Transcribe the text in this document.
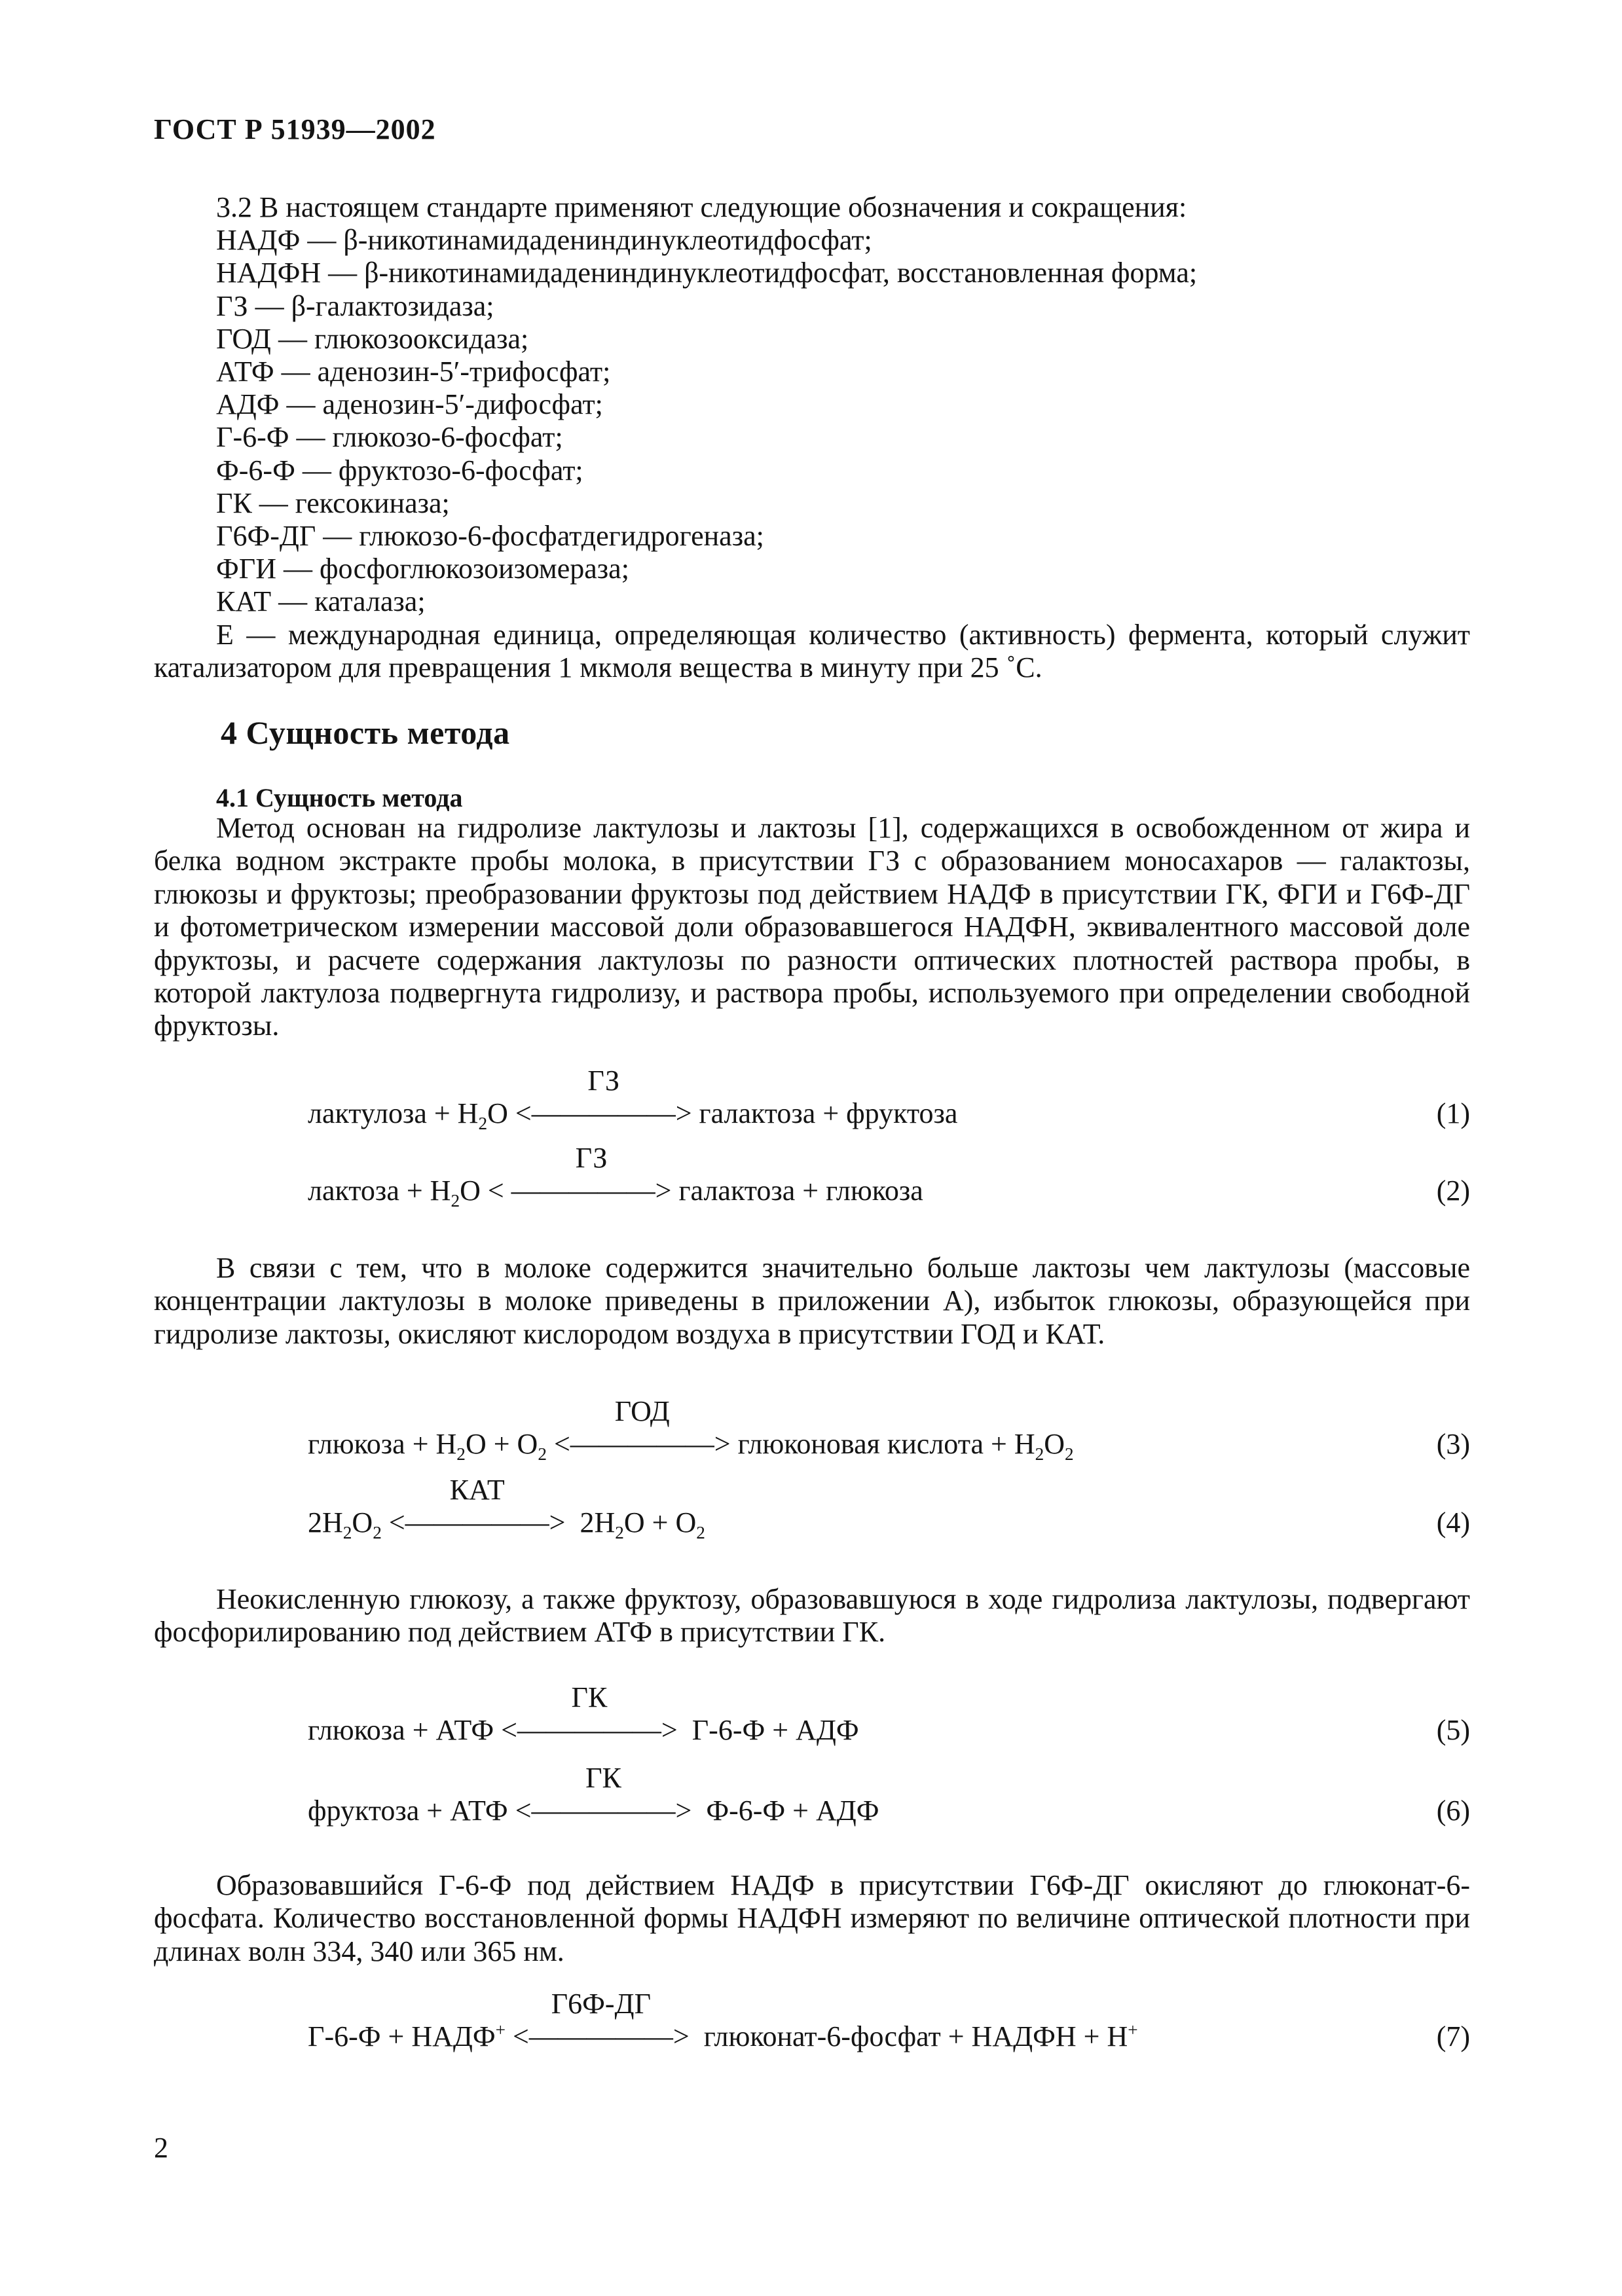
ГОСТ Р 51939—2002
3.2 В настоящем стандарте применяют следующие обозначения и сокращения:
НАДФ — β-никотинамидадениндинуклеотидфосфат;
НАДФН — β-никотинамидадениндинуклеотидфосфат, восстановленная форма;
ГЗ — β-галактозидаза;
ГОД — глюкозооксидаза;
АТФ — аденозин-5′-трифосфат;
АДФ — аденозин-5′-дифосфат;
Г-6-Ф — глюкозо-6-фосфат;
Ф-6-Ф — фруктозо-6-фосфат;
ГК — гексокиназа;
Г6Ф-ДГ — глюкозо-6-фосфатдегидрогеназа;
ФГИ — фосфоглюкозоизомераза;
КАТ — каталаза;
Е — международная единица, определяющая количество (активность) фермента, который служит катализатором для превращения 1 мкмоля вещества в минуту при 25 ˚С.
4 Сущность метода
4.1 Сущность метода
Метод основан на гидролизе лактулозы и лактозы [1], содержащихся в освобожденном от жира и белка водном экстракте пробы молока, в присутствии ГЗ с образованием моносахаров — галактозы, глюкозы и фруктозы; преобразовании фруктозы под действием НАДФ в присутствии ГК, ФГИ и Г6Ф-ДГ и фотометрическом измерении массовой доли образовавшегося НАДФН, эквивалентного массовой доле фруктозы, и расчете содержания лактулозы по разности оптических плотностей раствора пробы, в которой лактулоза подвергнута гидролизу, и раствора пробы, используемого при определении свободной фруктозы.
ГЗ
лактулоза + $H_2O$ <―――――> галактоза + фруктоза	(1)
ГЗ
лактоза + $H_2O$ < ―――――> галактоза + глюкоза	(2)
В связи с тем, что в молоке содержится значительно больше лактозы чем лактулозы (массовые концентрации лактулозы в молоке приведены в приложении А), избыток глюкозы, образующейся при гидролизе лактозы, окисляют кислородом воздуха в присутствии ГОД и КАТ.
ГОД
глюкоза + $H_2O + O_2$ <―――――> глюконовая кислота + $H_2O_2$	(3)
КАТ
$2H_2O_2$ <―――――>  $2H_2O + O_2$	(4)
Неокисленную глюкозу, а также фруктозу, образовавшуюся в ходе гидролиза лактулозы, подвергают фосфорилированию под действием АТФ в присутствии ГК.
ГК
глюкоза + АТФ <―――――>  Г-6-Ф + АДФ	(5)
ГК
фруктоза + АТФ <―――――>  Ф-6-Ф + АДФ	(6)
Образовавшийся Г-6-Ф под действием НАДФ в присутствии Г6Ф-ДГ окисляют до глюконат-6-фосфата. Количество восстановленной формы НАДФН измеряют по величине оптической плотности при длинах волн 334, 340 или 365 нм.
Г6Ф-ДГ
Г-6-Ф + НАДФ+ <―――――>  глюконат-6-фосфат + НАДФН + H+	(7)
2
